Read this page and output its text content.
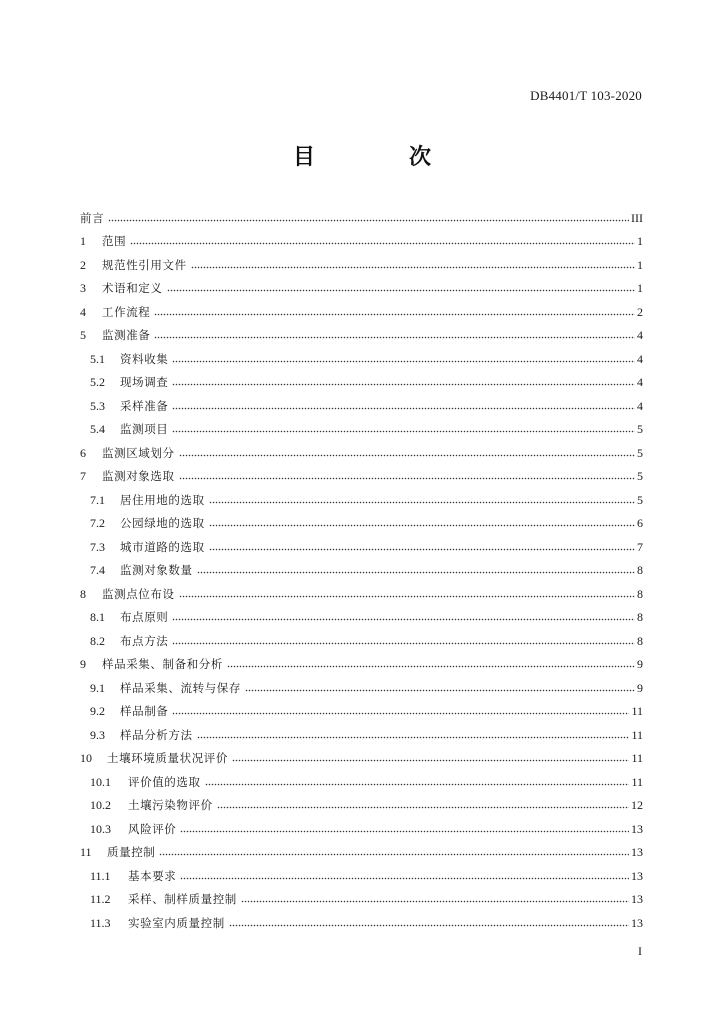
DB4401/T 103-2020
目　次
前言	III
1	范围	1
2	规范性引用文件	1
3	术语和定义	1
4	工作流程	2
5	监测准备	4
5.1	资料收集	4
5.2	现场调查	4
5.3	采样准备	4
5.4	监测项目	5
6	监测区域划分	5
7	监测对象选取	5
7.1	居住用地的选取	5
7.2	公园绿地的选取	6
7.3	城市道路的选取	7
7.4	监测对象数量	8
8	监测点位布设	8
8.1	布点原则	8
8.2	布点方法	8
9	样品采集、制备和分析	9
9.1	样品采集、流转与保存	9
9.2	样品制备	11
9.3	样品分析方法	11
10	土壤环境质量状况评价	11
10.1	评价值的选取	11
10.2	土壤污染物评价	12
10.3	风险评价	13
11	质量控制	13
11.1	基本要求	13
11.2	采样、制样质量控制	13
11.3	实验室内质量控制	13
I
